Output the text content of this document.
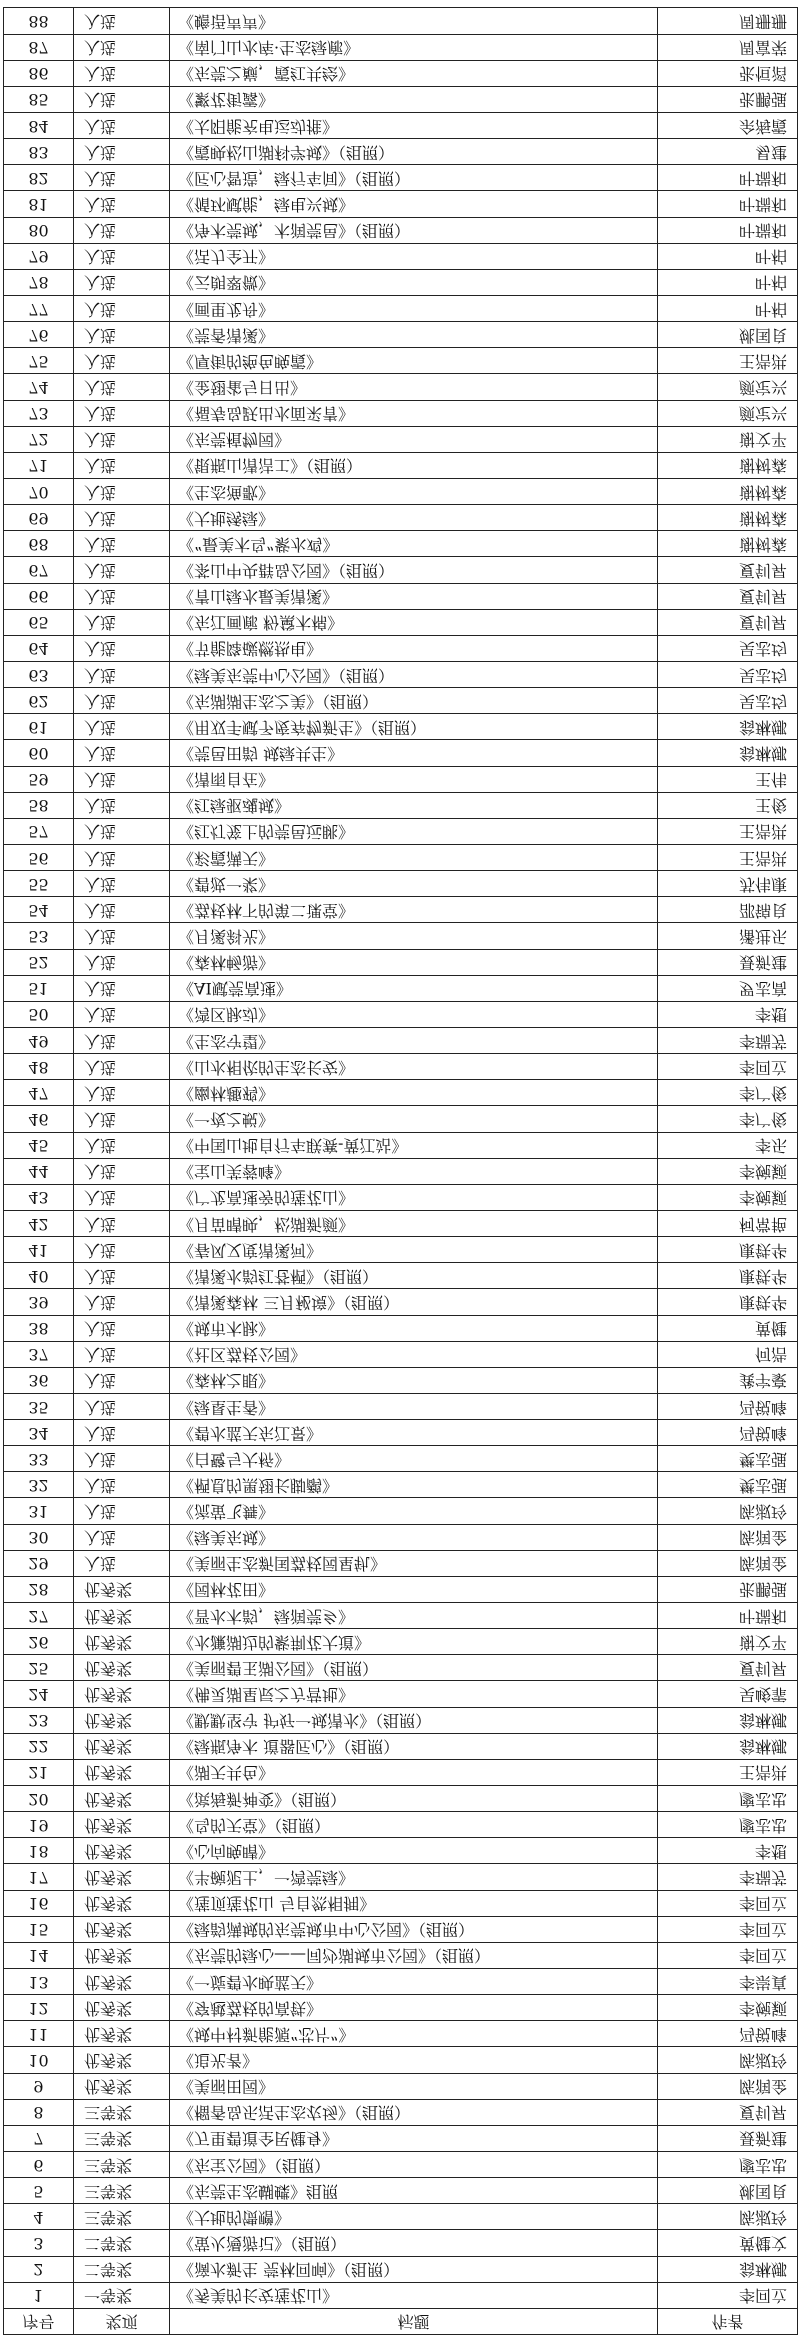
序号	奖项	标题	作者
1	一等奖	《秀美的长安莲花山》	李回立
2	二等奖	《滴水新生 莞林回响》（组照）	翁琳娜
3	二等奖	《萤火漫游记》（组照）	黄健文
4	三等奖	《大地的馈赠》	陈淑玲
5	三等奖	《东莞生态蝴蝶》组照	姚国良
6	三等奖	《东宝公园》（组照）	廖志忠
7	三等奖	《万里碧道全民健身》	聂新建
8	三等奖	《榴香岛乐活生态农场》（组照）	夏钊昇
9	优秀奖	《美丽田园》	陈润金
10	优秀奖	《追光者》	陈淑玲
11	优秀奖	《城中村新能源“芯片”》	冯锐峰
12	优秀奖	《穿越荔枝的高铁》	李婉颖
13	优秀奖	《一旋碧水映蓝天》	李崇真
14	优秀奖	《东莞的绿心——同沙湖城市公园》（组照）	李回立
15	优秀奖	《绿韵满城的东莞城市中心公园》（组照）	李回立
16	优秀奖	《莲顶莲花山 与自然相拥》	李回立
17	优秀奖	《半碗泥土，一湾莞绿》	李瑞芳
18	优秀奖	《心向晚晴》	李想
19	优秀奖	《鸟的天堂》（组照）	廖志忠
20	优秀奖	《滨海新神变》（组照）	廖志忠
21	优秀奖	《湖天共色》	王浩洪
22	优秀奖	《绿瓶净木 道器匠心》（组照）	翁琳娜
23	优秀奖	《默默坚守 护好一城清水》（组照）	翁琳娜
24	优秀奖	《佛灵湖星辰之方营地》	吴峻霏
25	优秀奖	《美丽碧玉湖公园》（组照）	夏钊昇
26	优秀奖	《水濂湖边的紫荆花大道》	谢文平
27	优秀奖	《晋水木韵，绿润莞乡》	叶瑞和
28	优秀奖	《园林花田》	张鹏强
29	入选	《美丽生态新国荔枝园星轨》	陈润金
30	入选	《绿美东城》	陈润金
31	入选	《流萤飞舞》	陈淑玲
32	入选	《栖息的黑翅长脚鹬》	樊志强
33	入选	《白鹭与大桥》	樊志强
34	入选	《碧水蓝天东江景》	冯锐峰
35	入选	《绿垦生香》	冯锐峰
36	入选	《森林之眼》	龚宇豪
37	入选	《社区荔枝公园》	何浩
38	入选	《城市木脉》	黄健
39	入选	《清溪森林 三月秘境》（组照）	康铁华
40	入选	《清溪水韵红苍栖》（组照）	康铁华
41	入选	《春风又度清溪河》	康铁华
42	入选	《月苗晴映，松湖新颜》	柯常艳
43	入选	《广龙高速旁的莲花山》	李婉颖
44	入选	《宝山芙蓉峰》	李婉颖
45	入选	《中国山地自行车联赛-黄江站》	李乐
46	入选	《一夜之蜕》	李广俊
47	入选	《幽林趣鸦》	李广俊
48	入选	《山水相依的生态长安》	李回立
49	入选	《生态守望》	李瑞芳
50	入选	《湾区脉动》	李想
51	入选	《AI赋莞高速》	罗志高
52	入选	《森林畅游》	聂新建
53	入选	《月溪斜光》	潘进乐
54	入选	《荔枝林下的第二课堂》	邵锦良
55	入选	《碧波一桨》	苏伟康
56	入选	《彩霞满天》	王浩洪
57	入选	《红灯笼上的莞邑远眺》	王浩洪
58	入选	《红绿驱魂城》	王俊
59	入选	《清雨自在》	王伟
60	入选	《莞邑田韵 城绿共生》	翁琳娜
61	入选	《用双手赋予废弃物新生》（组照）	翁琳娜
62	入选	《东湖湖生态之美》（组照）	吴志均
63	入选	《绿美东莞中心公园》（组照）	吴志均
64	入选	《节能降碳燃热电》	吴志均
65	入选	《东江画廊 粉黛木棉》	夏钊昇
66	入选	《青山绿水最美清溪》	夏钊昇
67	入选	《茶山中央群岛公园》（组照）	夏钊昇
68	入选	《“最美木鸟”紫水鸡》	谢树森
69	入选	《大地绣绿》	谢树森
70	入选	《生态渔歌》	谢树森
71	入选	《银瓶山清洁工》（组照）	谢树森
72	入选	《东莞植物园》	谢文平
73	入选	《福寿岛跃出水面采青》	颜定兴
74	入选	《金翅雀与日出》	颜定兴
75	入选	《厚街的绝色晚霞》	王浩洪
76	入选	《莞香清溪》	姚国良
77	入选	《画里龙舟》	叶柏
78	入选	《云朗翠微》	叶柏
79	入选	《活力全开》	叶柏
80	入选	《净木莞城，木润莞邑》（组照）	叶瑞和
81	入选	《循环赋能，绿电兴城》	叶瑞和
82	入选	《匠心智造，绿行车间》（组照）	叶瑞和
83	入选	《霞映松山湖科学城》（组照）	易建
84	入选	《太阳能充电运动推》	余海霞
85	入选	《繁花街露》	张鹏强
86	入选	《东莞之巅，霞红共绘》	张恒滔
87	入选	《南门山水库·生态绿廊》	周富荣
88	入选	《蟾语声声》	周珊珊
